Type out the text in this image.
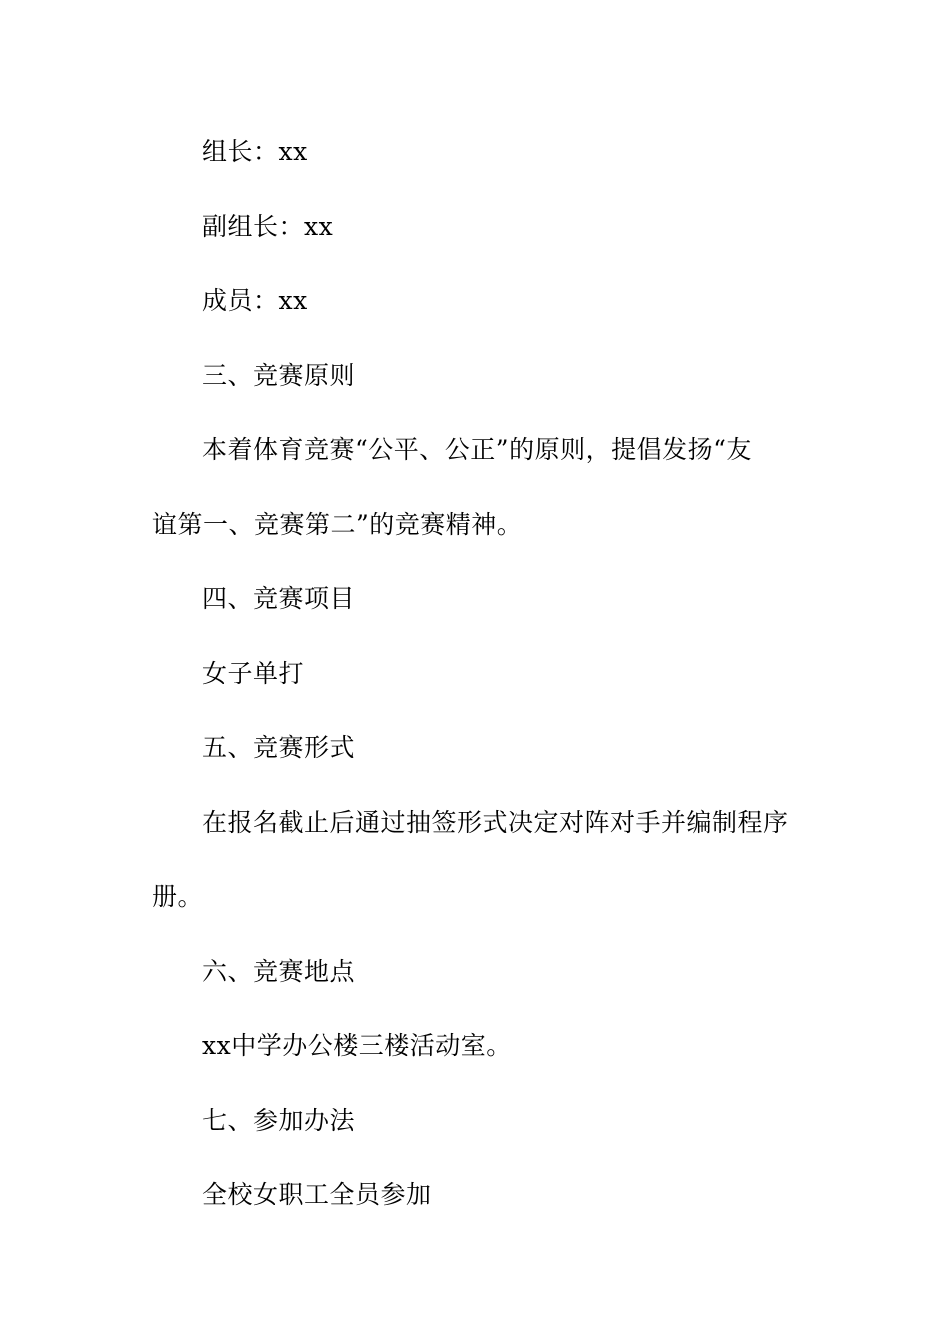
组长：xx
副组长：xx
成员：xx
三、竞赛原则
本着体育竞赛“公平、公正”的原则，提倡发扬“友
谊第一、竞赛第二”的竞赛精神。
四、竞赛项目
女子单打
五、竞赛形式
在报名截止后通过抽签形式决定对阵对手并编制程序
册。
六、竞赛地点
xx中学办公楼三楼活动室。
七、参加办法
全校女职工全员参加
